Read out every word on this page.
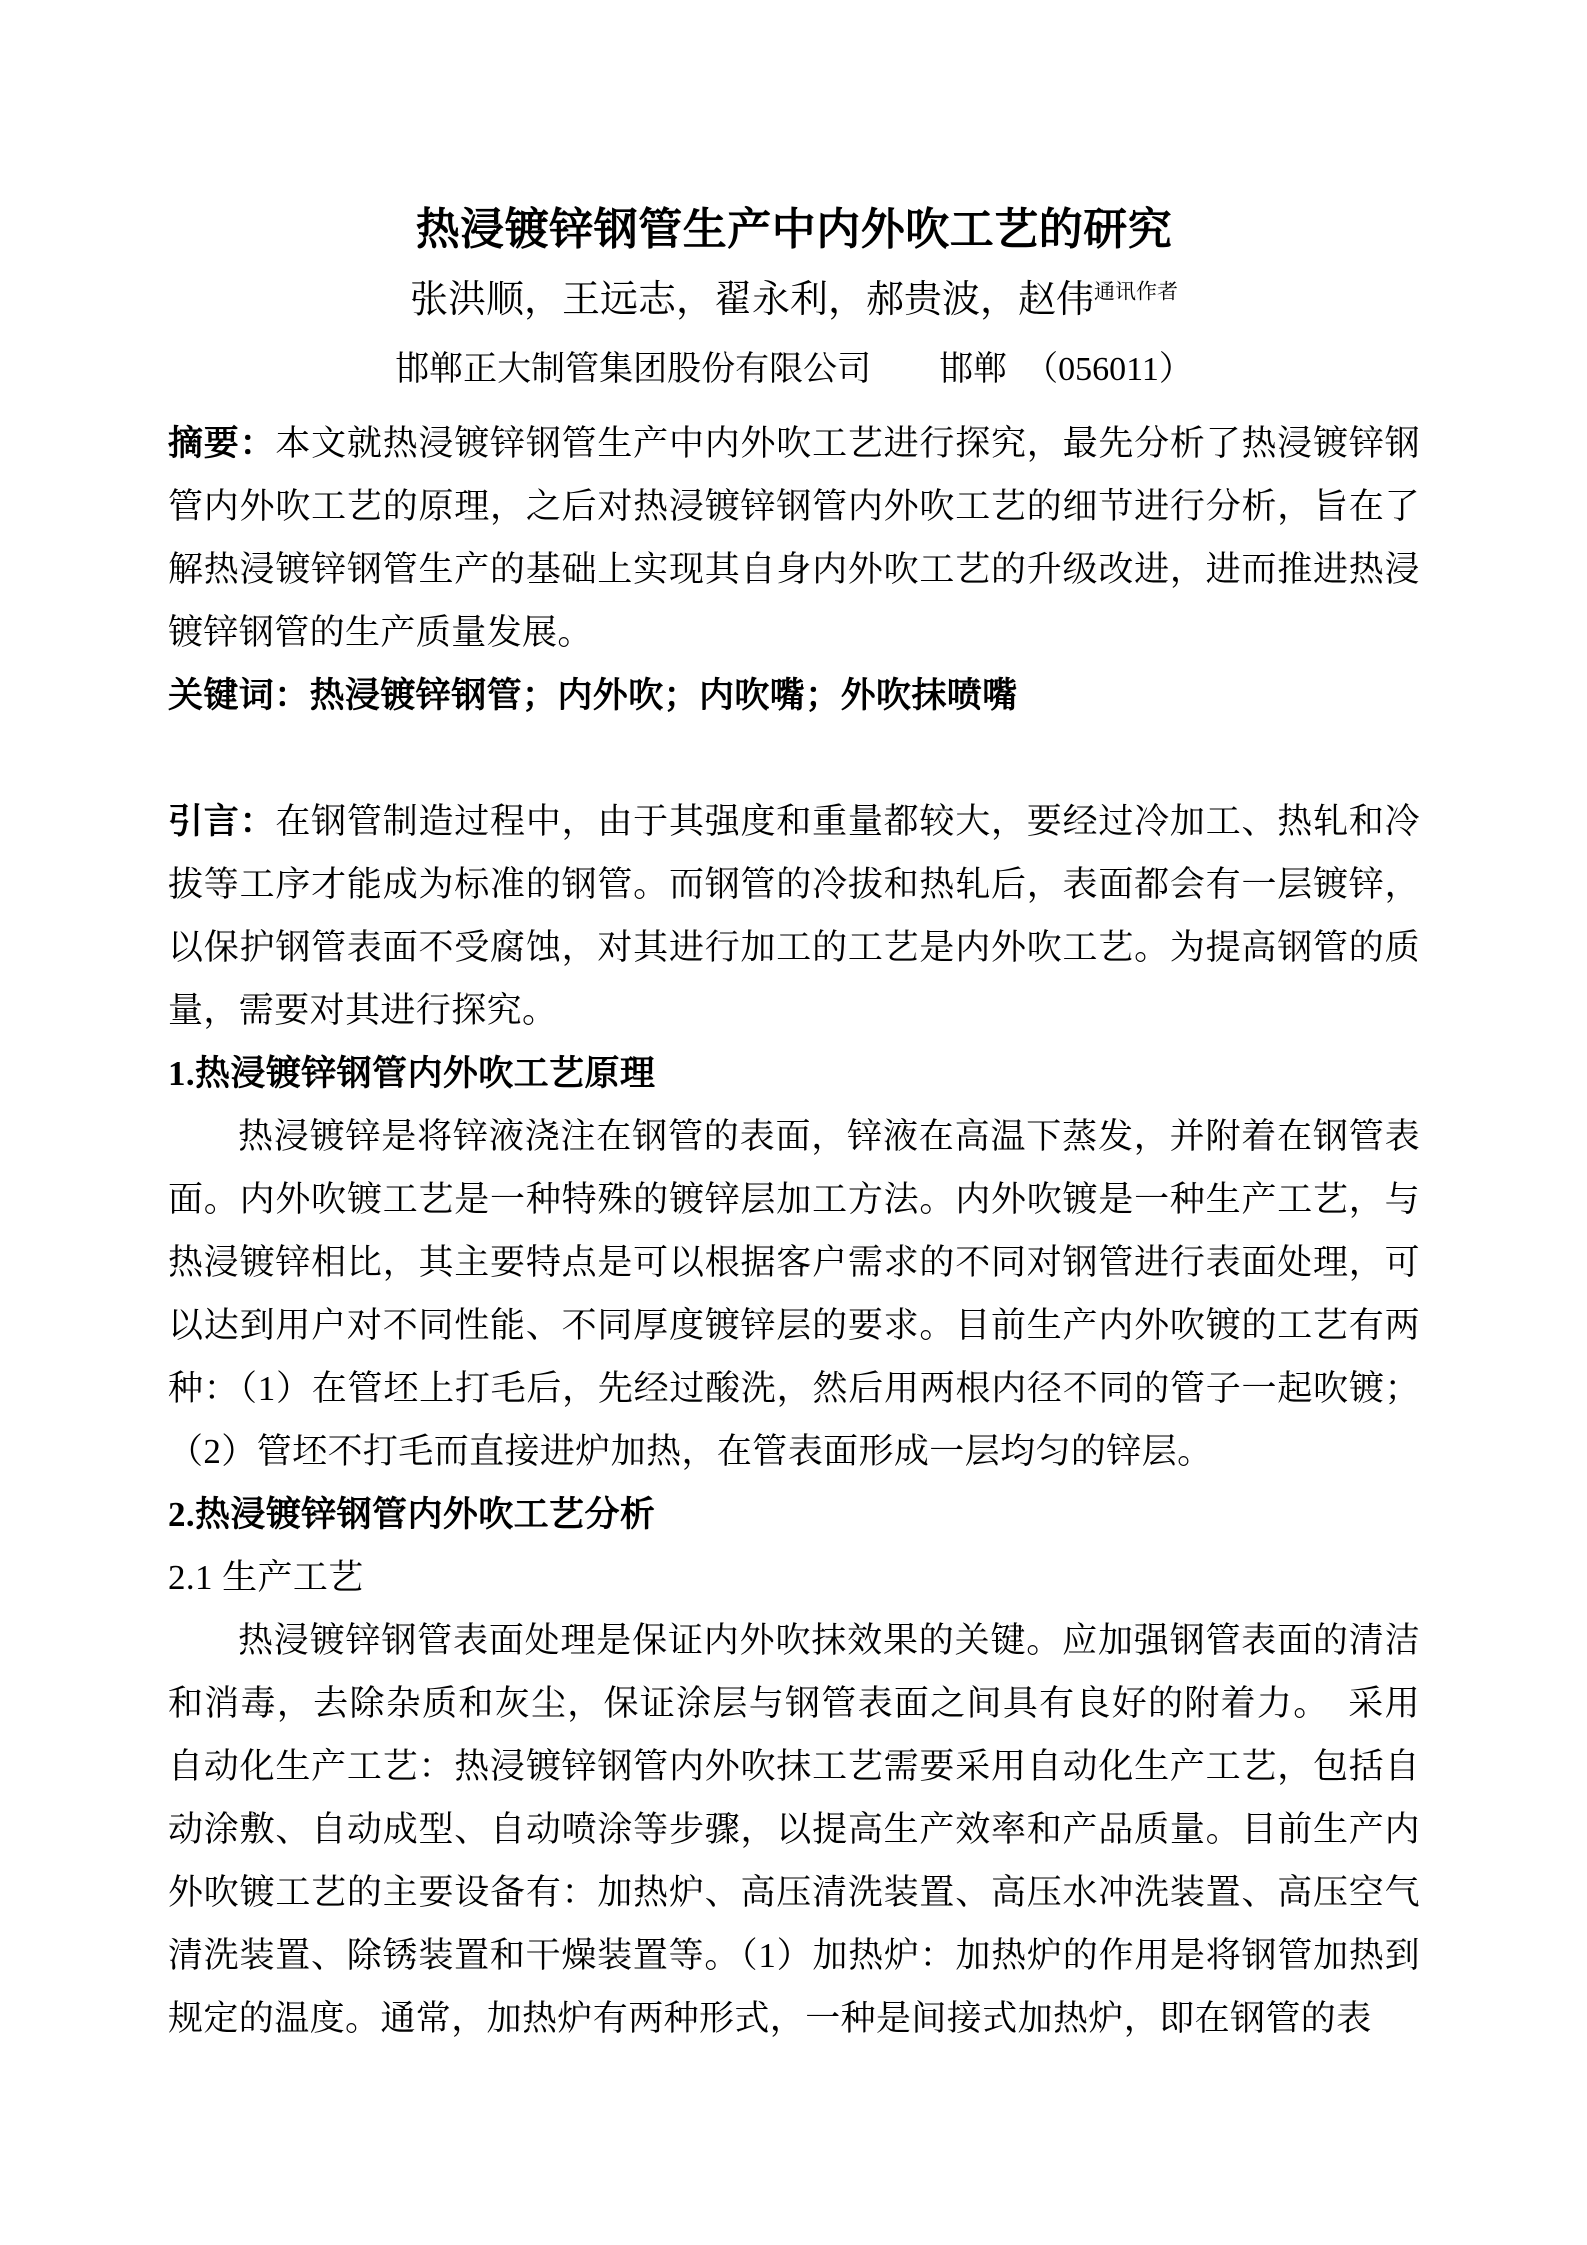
热浸镀锌钢管生产中内外吹工艺的研究
张洪顺，王远志，翟永利，郝贵波，赵伟$^{通讯作者}$
邯郸正大制管集团股份有限公司　　邯郸　（056011）

摘要：本文就热浸镀锌钢管生产中内外吹工艺进行探究，最先分析了热浸镀锌钢管内外吹工艺的原理，之后对热浸镀锌钢管内外吹工艺的细节进行分析，旨在了解热浸镀锌钢管生产的基础上实现其自身内外吹工艺的升级改进，进而推进热浸镀锌钢管的生产质量发展。

关键词：热浸镀锌钢管；内外吹；内吹嘴；外吹抹喷嘴

引言：在钢管制造过程中，由于其强度和重量都较大，要经过冷加工、热轧和冷拔等工序才能成为标准的钢管。而钢管的冷拔和热轧后，表面都会有一层镀锌，以保护钢管表面不受腐蚀，对其进行加工的工艺是内外吹工艺。为提高钢管的质量，需要对其进行探究。

1.热浸镀锌钢管内外吹工艺原理

热浸镀锌是将锌液浇注在钢管的表面，锌液在高温下蒸发，并附着在钢管表面。内外吹镀工艺是一种特殊的镀锌层加工方法。内外吹镀是一种生产工艺，与热浸镀锌相比，其主要特点是可以根据客户需求的不同对钢管进行表面处理，可以达到用户对不同性能、不同厚度镀锌层的要求。目前生产内外吹镀的工艺有两种：（1）在管坯上打毛后，先经过酸洗，然后用两根内径不同的管子一起吹镀；（2）管坯不打毛而直接进炉加热，在管表面形成一层均匀的锌层。

2.热浸镀锌钢管内外吹工艺分析

2.1 生产工艺

热浸镀锌钢管表面处理是保证内外吹抹效果的关键。应加强钢管表面的清洁和消毒，去除杂质和灰尘，保证涂层与钢管表面之间具有良好的附着力。　采用自动化生产工艺：热浸镀锌钢管内外吹抹工艺需要采用自动化生产工艺，包括自动涂敷、自动成型、自动喷涂等步骤，以提高生产效率和产品质量。目前生产内外吹镀工艺的主要设备有：加热炉、高压清洗装置、高压水冲洗装置、高压空气清洗装置、除锈装置和干燥装置等。（1）加热炉：加热炉的作用是将钢管加热到规定的温度。通常，加热炉有两种形式，一种是间接式加热炉，即在钢管的表
